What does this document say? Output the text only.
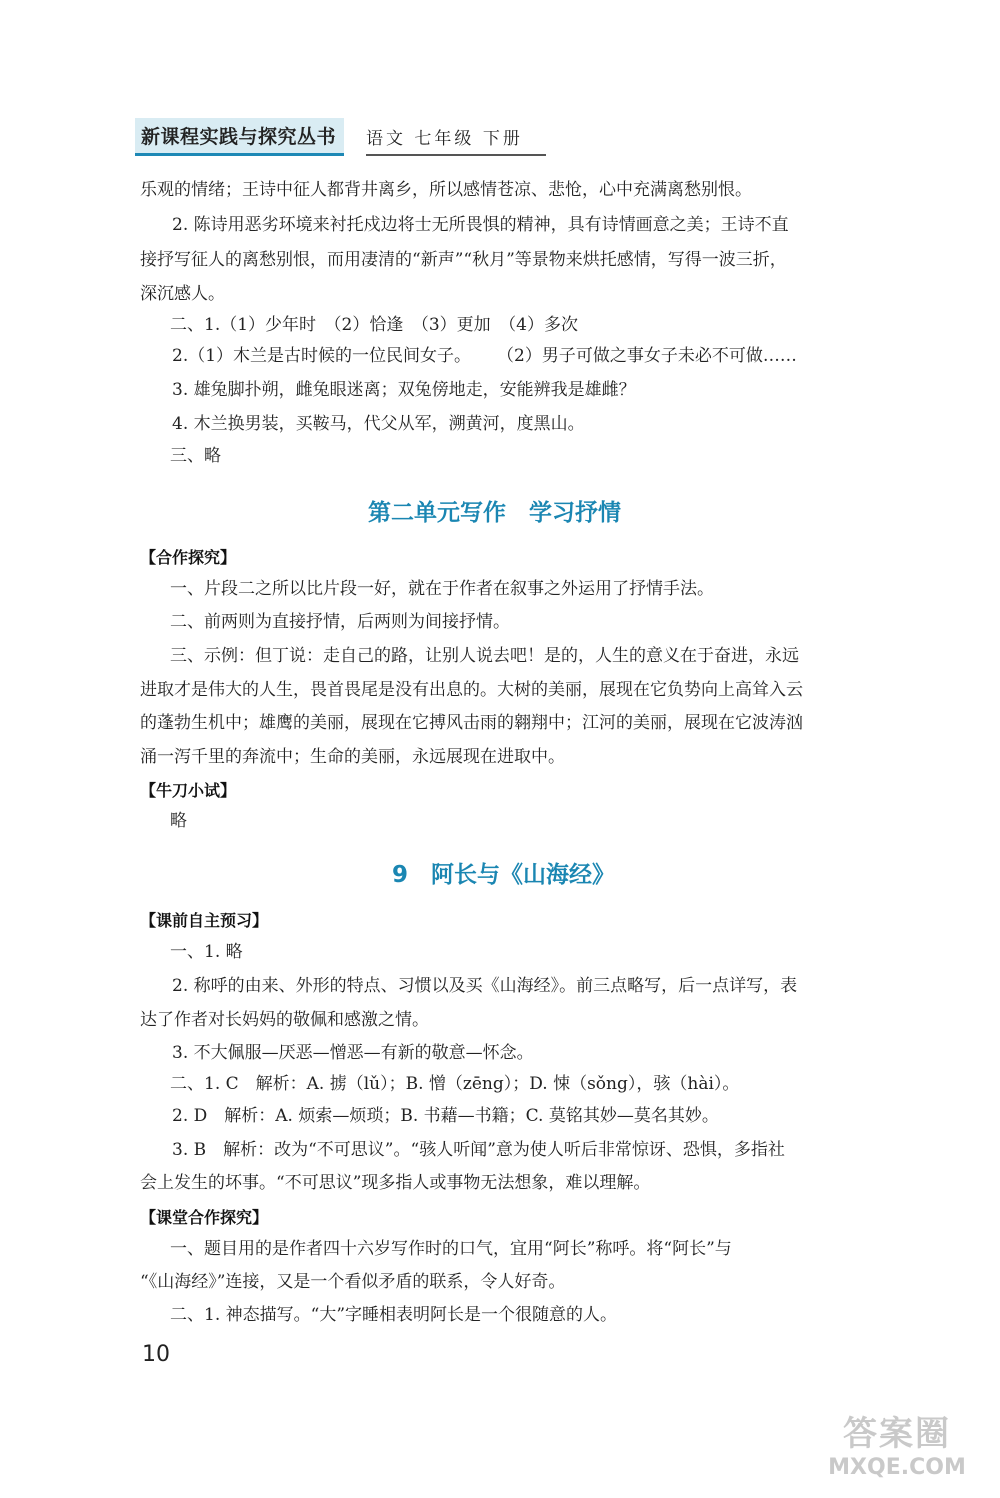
新课程实践与探究丛书	语文 七年级 下册
乐观的情绪；王诗中征人都背井离乡，所以感情苍凉、悲怆，心中充满离愁别恨。
2. 陈诗用恶劣环境来衬托戍边将士无所畏惧的精神，具有诗情画意之美；王诗不直
接抒写征人的离愁别恨，而用凄清的“新声”“秋月”等景物来烘托感情，写得一波三折，
深沉感人。
二、1.（1）少年时　（2）恰逢　（3）更加　（4）多次
2.（1）木兰是古时候的一位民间女子。 （2）男子可做之事女子未必不可做……
3. 雄兔脚扑朔，雌兔眼迷离；双兔傍地走，安能辨我是雄雌？
4. 木兰换男装，买鞍马，代父从军，溯黄河，度黑山。
三、略
第二单元写作　学习抒情
【合作探究】
一、片段二之所以比片段一好，就在于作者在叙事之外运用了抒情手法。
二、前两则为直接抒情，后两则为间接抒情。
三、示例：但丁说：走自己的路，让别人说去吧！是的，人生的意义在于奋进，永远
进取才是伟大的人生，畏首畏尾是没有出息的。大树的美丽，展现在它负势向上高耸入云
的蓬勃生机中；雄鹰的美丽，展现在它搏风击雨的翱翔中；江河的美丽，展现在它波涛汹
涌一泻千里的奔流中；生命的美丽，永远展现在进取中。
【牛刀小试】
略
9　阿长与《山海经》
【课前自主预习】
一、1. 略
2. 称呼的由来、外形的特点、习惯以及买《山海经》。前三点略写，后一点详写，表
达了作者对长妈妈的敬佩和感激之情。
3. 不大佩服—厌恶—憎恶—有新的敬意—怀念。
二、1. C　解析：A. 掳（lǔ）；B. 憎（zēng）；D. 悚（sǒng），骇（hài）。
2. D　解析：A. 烦索—烦琐；B. 书藉—书籍；C. 莫铭其妙—莫名其妙。
3. B　解析：改为“不可思议”。“骇人听闻”意为使人听后非常惊讶、恐惧，多指社
会上发生的坏事。“不可思议”现多指人或事物无法想象，难以理解。
【课堂合作探究】
一、题目用的是作者四十六岁写作时的口气，宜用“阿长”称呼。将“阿长”与
“《山海经》”连接，又是一个看似矛盾的联系，令人好奇。
二、1. 神态描写。“大”字睡相表明阿长是一个很随意的人。
10
答案圈
MXQE.COM
